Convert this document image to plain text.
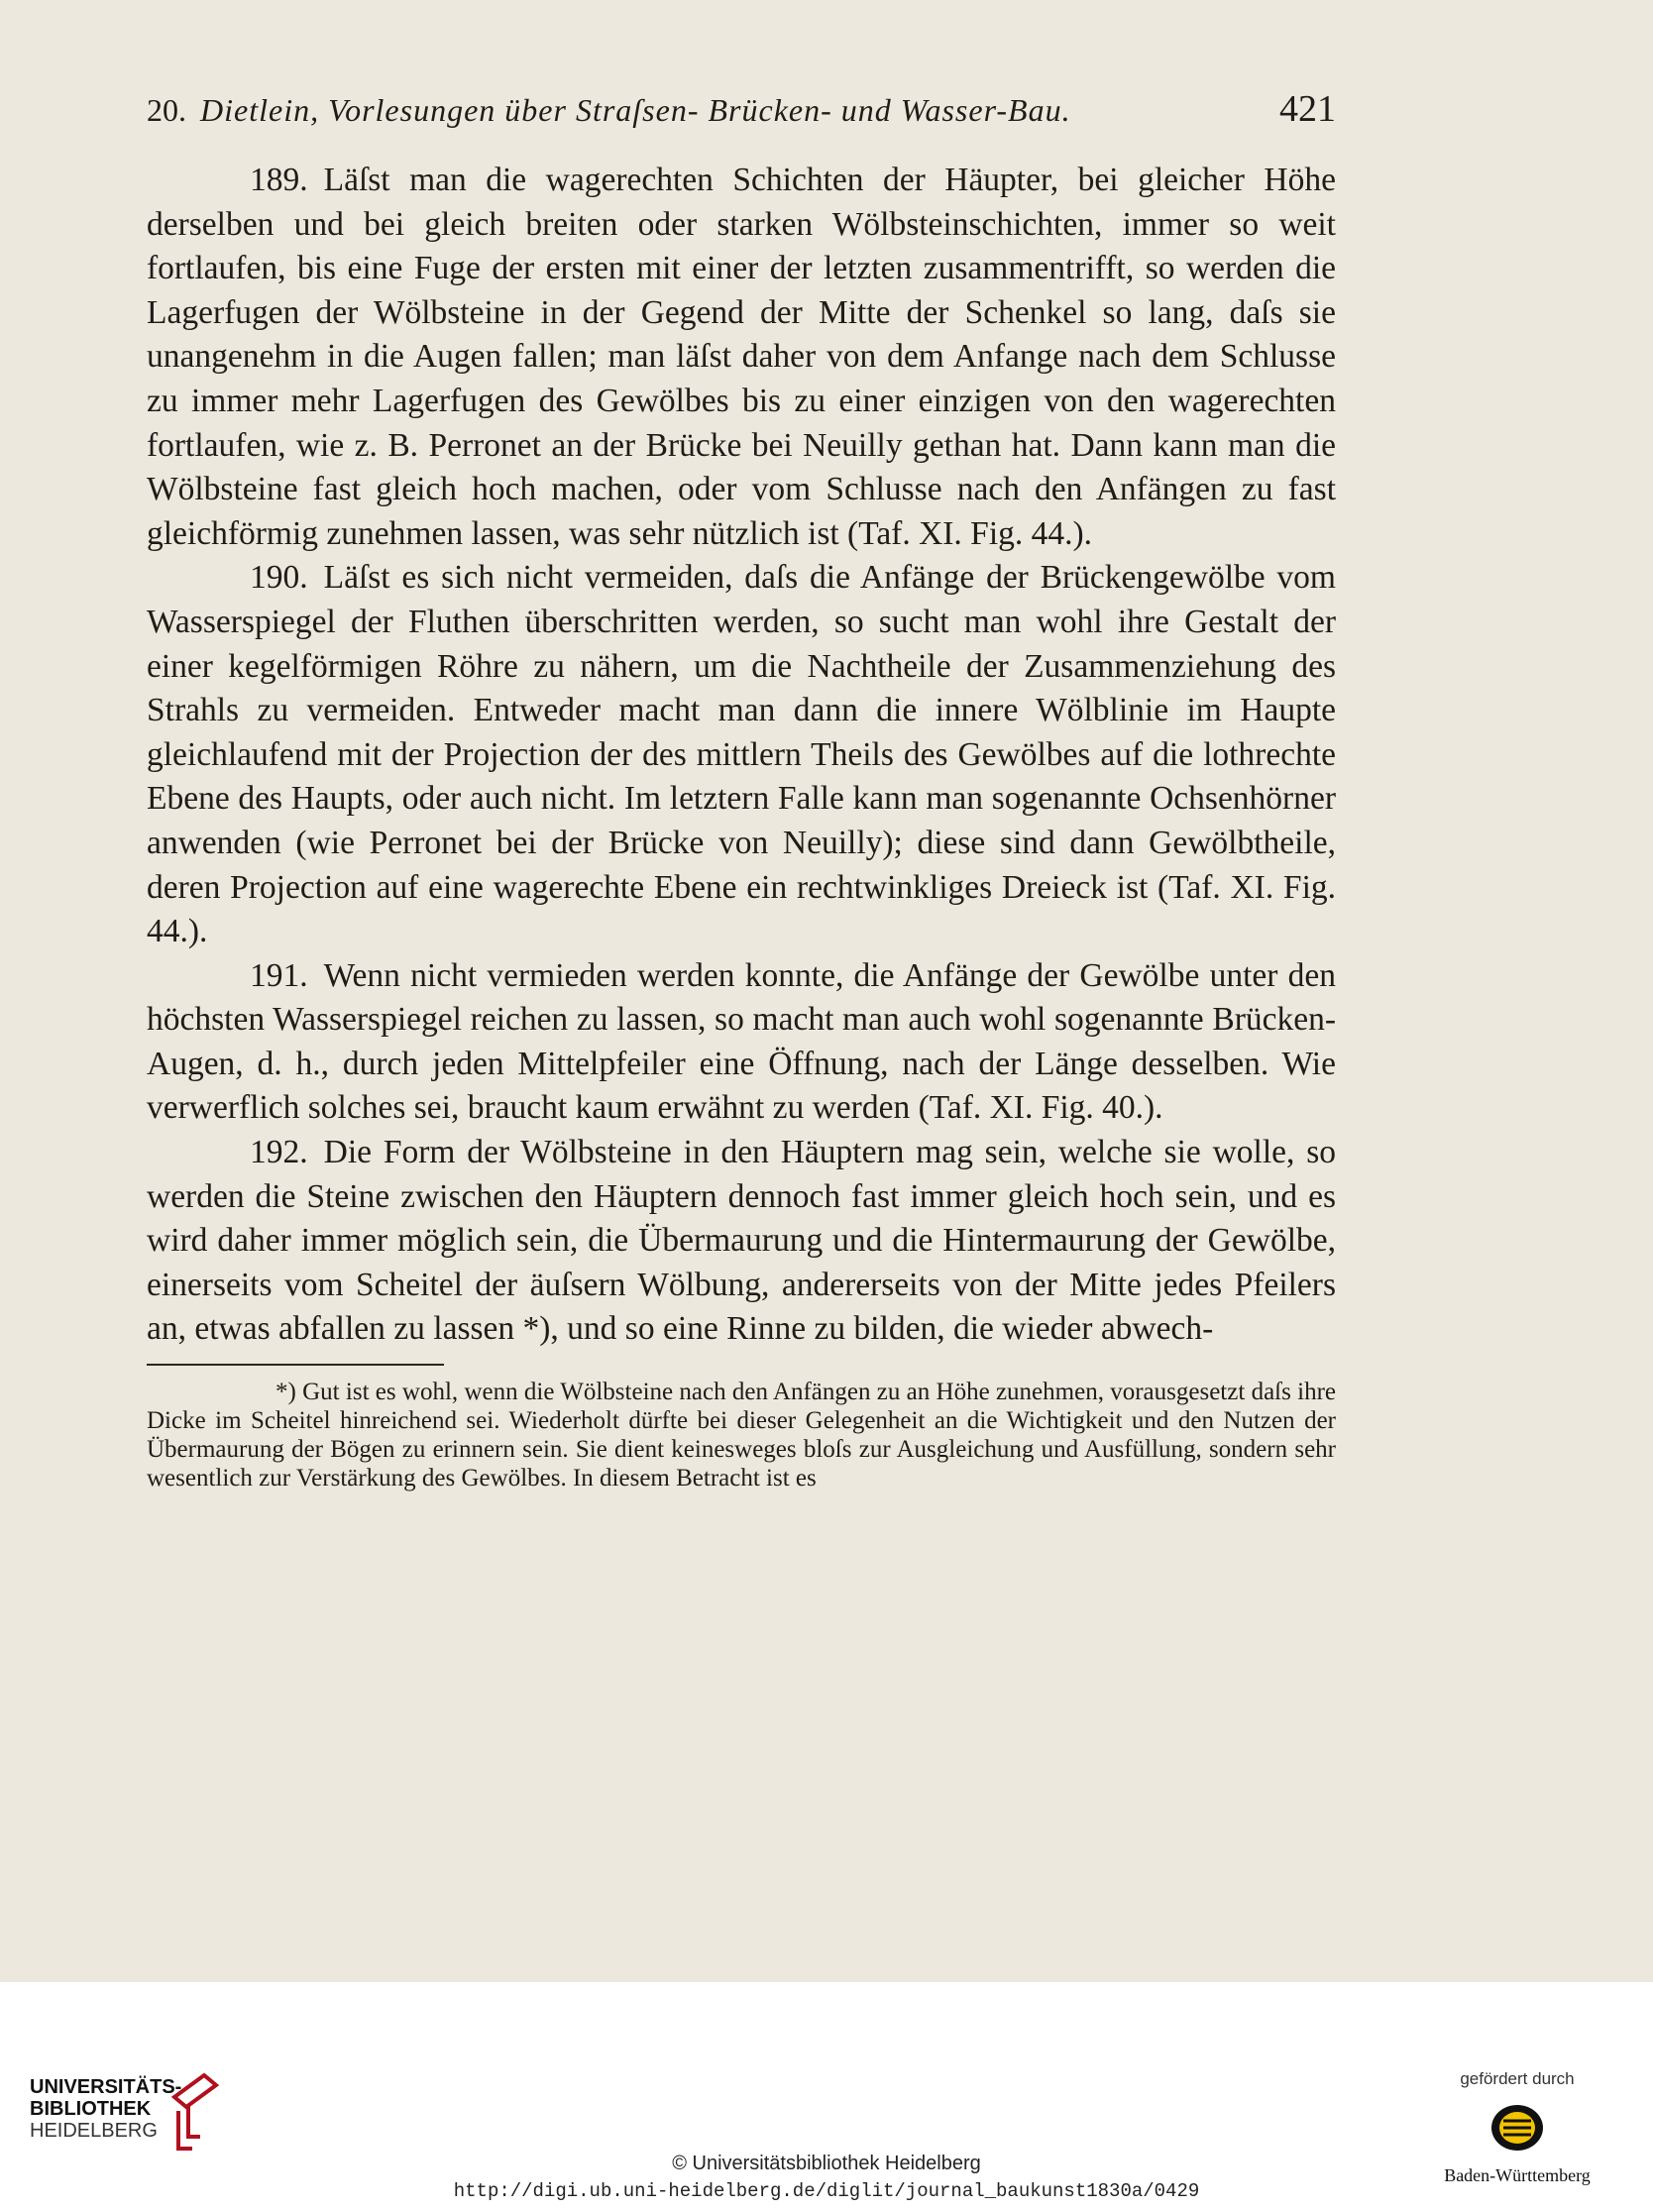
20. Dietlein, Vorlesungen über Straſsen- Brücken- und Wasser-Bau.	421

189. Läſst man die wagerechten Schichten der Häupter, bei gleicher Höhe derselben und bei gleich breiten oder starken Wölbsteinschichten, immer so weit fortlaufen, bis eine Fuge der ersten mit einer der letzten zusammentrifft, so werden die Lagerfugen der Wölbsteine in der Gegend der Mitte der Schenkel so lang, daſs sie unangenehm in die Augen fallen; man läſst daher von dem Anfange nach dem Schlusse zu immer mehr Lagerfugen des Gewölbes bis zu einer einzigen von den wagerechten fortlaufen, wie z. B. Perronet an der Brücke bei Neuilly gethan hat. Dann kann man die Wölbsteine fast gleich hoch machen, oder vom Schlusse nach den Anfängen zu fast gleichförmig zunehmen lassen, was sehr nützlich ist (Taf. XI. Fig. 44.).

190. Läſst es sich nicht vermeiden, daſs die Anfänge der Brückengewölbe vom Wasserspiegel der Fluthen überschritten werden, so sucht man wohl ihre Gestalt der einer kegelförmigen Röhre zu nähern, um die Nachtheile der Zusammenziehung des Strahls zu vermeiden. Entweder macht man dann die innere Wölblinie im Haupte gleichlaufend mit der Projection der des mittlern Theils des Gewölbes auf die lothrechte Ebene des Haupts, oder auch nicht. Im letztern Falle kann man sogenannte Ochsenhörner anwenden (wie Perronet bei der Brücke von Neuilly); diese sind dann Gewölbtheile, deren Projection auf eine wagerechte Ebene ein rechtwinkliges Dreieck ist (Taf. XI. Fig. 44.).

191. Wenn nicht vermieden werden konnte, die Anfänge der Gewölbe unter den höchsten Wasserspiegel reichen zu lassen, so macht man auch wohl sogenannte Brücken-Augen, d. h., durch jeden Mittelpfeiler eine Öffnung, nach der Länge desselben. Wie verwerflich solches sei, braucht kaum erwähnt zu werden (Taf. XI. Fig. 40.).

192. Die Form der Wölbsteine in den Häuptern mag sein, welche sie wolle, so werden die Steine zwischen den Häuptern dennoch fast immer gleich hoch sein, und es wird daher immer möglich sein, die Übermaurung und die Hintermaurung der Gewölbe, einerseits vom Scheitel der äuſsern Wölbung, andererseits von der Mitte jedes Pfeilers an, etwas abfallen zu lassen *), und so eine Rinne zu bilden, die wieder abwech-

*) Gut ist es wohl, wenn die Wölbsteine nach den Anfängen zu an Höhe zunehmen, vorausgesetzt daſs ihre Dicke im Scheitel hinreichend sei. Wiederholt dürfte bei dieser Gelegenheit an die Wichtigkeit und den Nutzen der Übermaurung der Bögen zu erinnern sein. Sie dient keinesweges bloſs zur Ausgleichung und Ausfüllung, sondern sehr wesentlich zur Verstärkung des Gewölbes. In diesem Betracht ist es

UNIVERSITÄTS-
BIBLIOTHEK
HEIDELBERG
© Universitätsbibliothek Heidelberg
http://digi.ub.uni-heidelberg.de/diglit/journal_baukunst1830a/0429
gefördert durch
Baden-Württemberg
